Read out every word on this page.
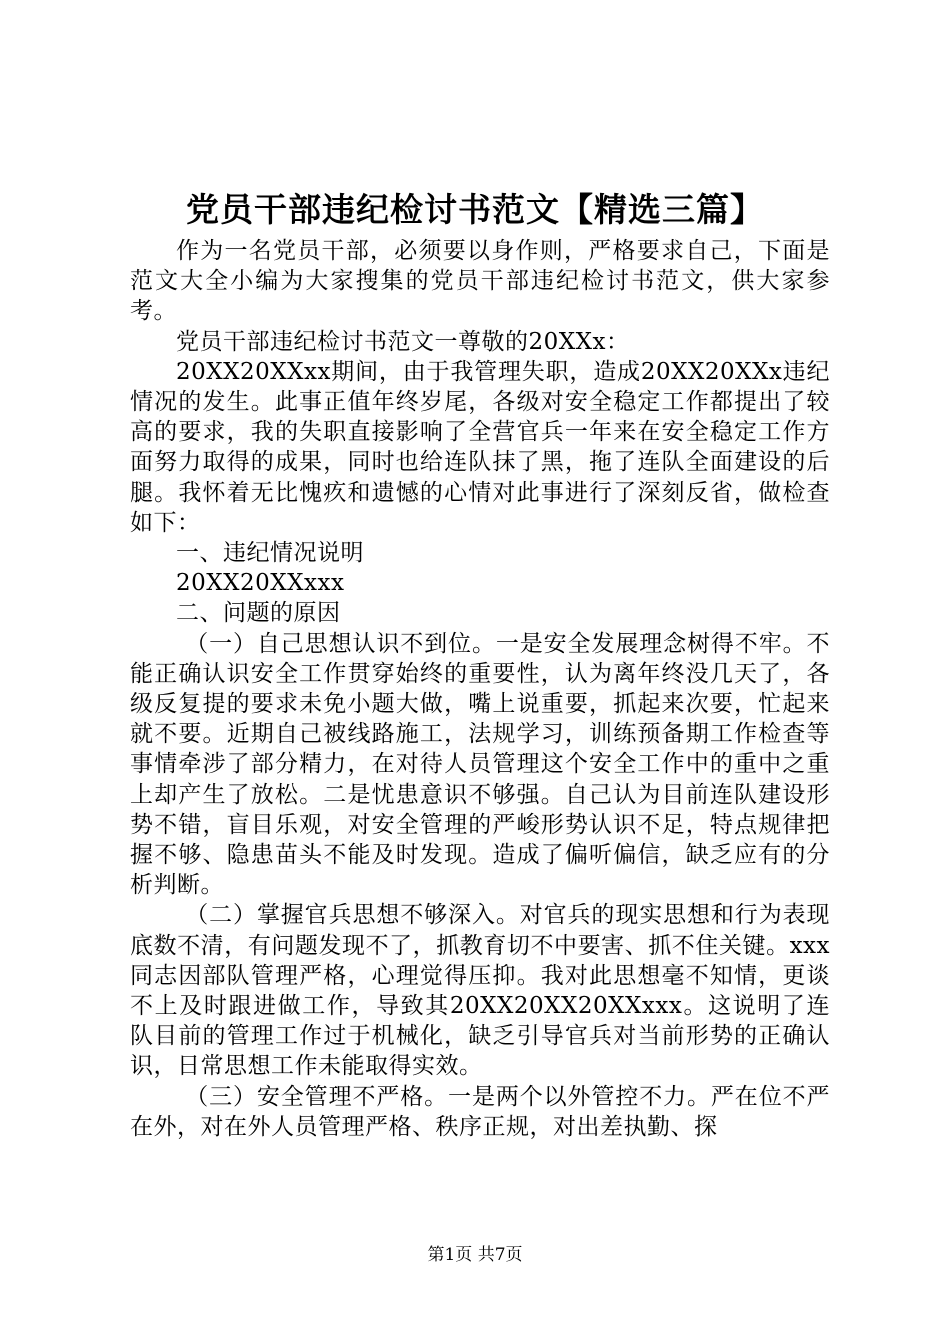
党员干部违纪检讨书范文【精选三篇】

作为一名党员干部，必须要以身作则，严格要求自己，下面是范文大全小编为大家搜集的党员干部违纪检讨书范文，供大家参考。

党员干部违纪检讨书范文一尊敬的20XXx：

20XX20XXxx期间，由于我管理失职，造成20XX20XXx违纪情况的发生。此事正值年终岁尾，各级对安全稳定工作都提出了较高的要求，我的失职直接影响了全营官兵一年来在安全稳定工作方面努力取得的成果，同时也给连队抹了黑，拖了连队全面建设的后腿。我怀着无比愧疚和遗憾的心情对此事进行了深刻反省，做检查如下：

一、违纪情况说明

20XX20XXxxx

二、问题的原因

（一）自己思想认识不到位。一是安全发展理念树得不牢。不能正确认识安全工作贯穿始终的重要性，认为离年终没几天了，各级反复提的要求未免小题大做，嘴上说重要，抓起来次要，忙起来就不要。近期自己被线路施工，法规学习，训练预备期工作检查等事情牵涉了部分精力，在对待人员管理这个安全工作中的重中之重上却产生了放松。二是忧患意识不够强。自己认为目前连队建设形势不错，盲目乐观，对安全管理的严峻形势认识不足，特点规律把握不够、隐患苗头不能及时发现。造成了偏听偏信，缺乏应有的分析判断。

（二）掌握官兵思想不够深入。对官兵的现实思想和行为表现底数不清，有问题发现不了，抓教育切不中要害、抓不住关键。xxx同志因部队管理严格，心理觉得压抑。我对此思想毫不知情，更谈不上及时跟进做工作，导致其20XX20XX20XXxxx。这说明了连队目前的管理工作过于机械化，缺乏引导官兵对当前形势的正确认识，日常思想工作未能取得实效。

（三）安全管理不严格。一是两个以外管控不力。严在位不严在外，对在外人员管理严格、秩序正规，对出差执勤、探

第1页 共7页
